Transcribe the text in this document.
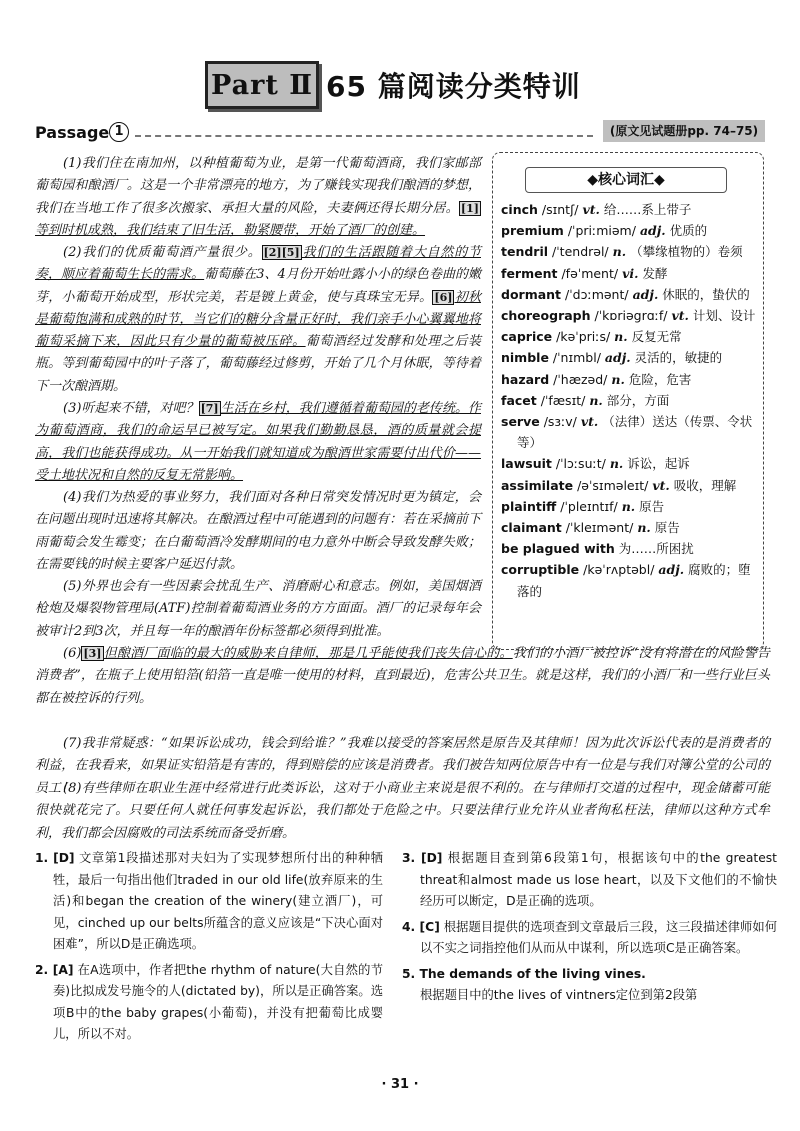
Part Ⅱ 65 篇阅读分类特训
Passage 1	(原文见试题册pp. 74–75)

(1)我们住在南加州，以种植葡萄为业，是第一代葡萄酒商，我们家邮部葡萄园和酿酒厂。这是一个非常漂亮的地方，为了赚钱实现我们酿酒的梦想，我们在当地工作了很多次搬家、承担大量的风险，夫妻俩还得长期分居。 [1]等到时机成熟，我们结束了旧生活，勒紧腰带，开始了酒厂的创建。

(2)我们的优质葡萄酒产量很少。 [2][5] 我们的生活跟随着大自然的节奏，顺应着葡萄生长的需求。葡萄藤在3、4月份开始吐露小小的绿色卷曲的嫩芽，小葡萄开始成型，形状完美，若是镀上黄金，使与真珠宝无异。 [6] 初秋是葡萄饱满和成熟的时节，当它们的糖分含量正好时，我们亲手小心翼翼地将葡萄采摘下来，因此只有少量的葡萄被压碎。葡萄酒经过发酵和处理之后装瓶。等到葡萄园中的叶子落了，葡萄藤经过修剪，开始了几个月休眠，等待着下一次酿酒期。

(3)听起来不错，对吧？ [7] 生活在乡村，我们遵循着葡萄园的老传统。作为葡萄酒商，我们的命运早已被写定。如果我们勤勤恳恳，酒的质量就会提高，我们也能获得成功。从一开始我们就知道成为酿酒世家需要付出代价——受土地状况和自然的反复无常影响。

(4)我们为热爱的事业努力，我们面对各种日常突发情况时更为镇定，会在问题出现时迅速将其解决。在酿酒过程中可能遇到的问题有：若在采摘前下雨葡萄会发生霉变；在白葡萄酒冷发酵期间的电力意外中断会导致发酵失败；在需要钱的时候主要客户延迟付款。

(5)外界也会有一些因素会扰乱生产、消磨耐心和意志。例如，美国烟酒枪炮及爆裂物管理局(ATF)控制着葡萄酒业务的方方面面。酒厂的记录每年会被审计2到3次，并且每一年的酿酒年份标签都必须得到批准。

(6) [3] 但酿酒厂面临的最大的威胁来自律师，那是几乎能使我们丧失信心的。我们的小酒厂被控诉“没有将潜在的风险警告消费者”，在瓶子上使用铅箔(铅箔一直是唯一使用的材料，直到最近)，危害公共卫生。就是这样，我们的小酒厂和一些行业巨头都在被控诉的行列。

(7)我非常疑惑：“如果诉讼成功，钱会到给谁？”我难以接受的答案居然是原告及其律师！因为此次诉讼代表的是消费者的利益，在我看来，如果证实铅箔是有害的，得到赔偿的应该是消费者。我们被告知两位原告中有一位是与我们对簿公堂的公司的员工！

(8)有些律师在职业生涯中经常进行此类诉讼，这对于小商业主来说是很不利的。在与律师打交道的过程中，现金储蓄可能很快就花完了。只要任何人就任何事发起诉讼，我们都处于危险之中。只要法律行业允许从业者徇私枉法，律师以这种方式牟利，我们都会因腐败的司法系统而备受折磨。

◆核心词汇◆

cinch /sɪntʃ/ vt. 给……系上带子

premium /ˈpriːmiəm/ adj. 优质的

tendril /ˈtendrəl/ n. （攀缘植物的）卷须

ferment /fəˈment/ vi. 发酵

dormant /ˈdɔːmənt/ adj. 休眠的，蛰伏的

choreograph /ˈkɒriəgrɑːf/ vt. 计划、设计

caprice /kəˈpriːs/ n. 反复无常

nimble /ˈnɪmbl/ adj. 灵活的，敏捷的

hazard /ˈhæzəd/ n. 危险，危害

facet /ˈfæsɪt/ n. 部分，方面

serve /sɜːv/ vt. （法律）送达（传票、令状等）

lawsuit /ˈlɔːsuːt/ n. 诉讼，起诉

assimilate /əˈsɪməleɪt/ vt. 吸收，理解

plaintiff /ˈpleɪntɪf/ n. 原告

claimant /ˈkleɪmənt/ n. 原告

be plagued with 为……所困扰

corruptible /kəˈrʌptəbl/ adj. 腐败的；堕落的

1. [D] 文章第1段描述那对夫妇为了实现梦想所付出的种种牺牲，最后一句指出他们traded in our old life(放弃原来的生活)和began the creation of the winery(建立酒厂)，可见，cinched up our belts所蕴含的意义应该是“下决心面对困难”，所以D是正确选项。

2. [A] 在A选项中，作者把the rhythm of nature(大自然的节奏)比拟成发号施令的人(dictated by)，所以是正确答案。选项B中的the baby grapes(小葡萄)，并没有把葡萄比成婴儿，所以不对。

3. [D] 根据题目查到第6段第1句，根据该句中的the greatest threat和almost made us lose heart，以及下文他们的不愉快经历可以断定，D是正确的选项。

4. [C] 根据题目提供的选项查到文章最后三段，这三段描述律师如何以不实之词指控他们从而从中谋利，所以选项C是正确答案。

5. The demands of the living vines.

根据题目中的the lives of vintners定位到第2段第

· 31 ·
